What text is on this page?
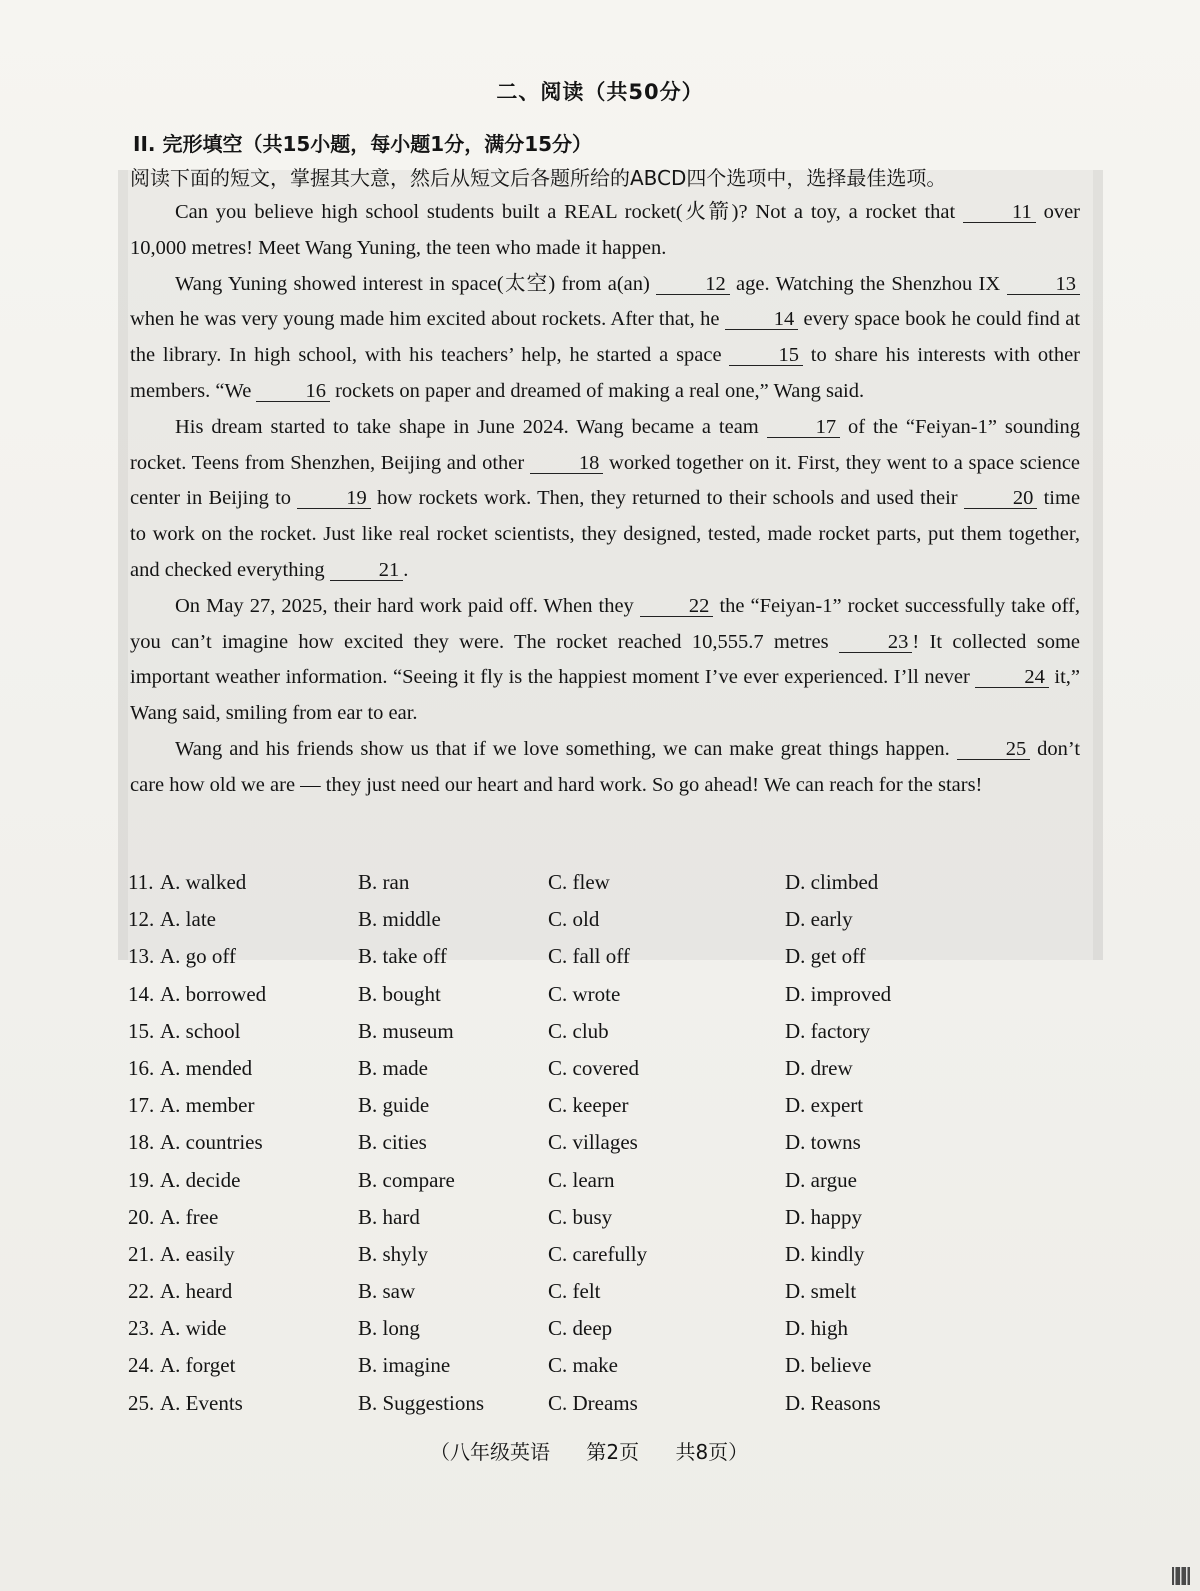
二、阅读（共50分）
II. 完形填空（共15小题，每小题1分，满分15分）
阅读下面的短文，掌握其大意，然后从短文后各题所给的ABCD四个选项中，选择最佳选项。

Can you believe high school students built a REAL rocket(火箭)? Not a toy, a rocket that	11 over 10,000 metres! Meet Wang Yuning, the teen who made it happen.

Wang Yuning showed interest in space(太空) from a(an)	12 age. Watching the Shenzhou IX	13 when he was very young made him excited about rockets. After that, he	14 every space book he could find at the library. In high school, with his teachers’ help, he started a space	15 to share his interests with other members. “We	16 rockets on paper and dreamed of making a real one,” Wang said.

His dream started to take shape in June 2024. Wang became a team	17 of the “Feiyan-1” sounding rocket. Teens from Shenzhen, Beijing and other	18 worked together on it. First, they went to a space science center in Beijing to	19 how rockets work. Then, they returned to their schools and used their	20 time to work on the rocket. Just like real rocket scientists, they designed, tested, made rocket parts, put them together, and checked everything	21 .

On May 27, 2025, their hard work paid off. When they	22 the “Feiyan-1” rocket successfully take off, you can’t imagine how excited they were. The rocket reached 10,555.7 metres	23 ! It collected some important weather information. “Seeing it fly is the happiest moment I’ve ever experienced. I’ll never	24 it,” Wang said, smiling from ear to ear.

Wang and his friends show us that if we love something, we can make great things happen.	25 don’t care how old we are — they just need our heart and hard work. So go ahead! We can reach for the stars!

11. A. walked	B. ran	C. flew	D. climbed
12. A. late	B. middle	C. old	D. early
13. A. go off	B. take off	C. fall off	D. get off
14. A. borrowed	B. bought	C. wrote	D. improved
15. A. school	B. museum	C. club	D. factory
16. A. mended	B. made	C. covered	D. drew
17. A. member	B. guide	C. keeper	D. expert
18. A. countries	B. cities	C. villages	D. towns
19. A. decide	B. compare	C. learn	D. argue
20. A. free	B. hard	C. busy	D. happy
21. A. easily	B. shyly	C. carefully	D. kindly
22. A. heard	B. saw	C. felt	D. smelt
23. A. wide	B. long	C. deep	D. high
24. A. forget	B. imagine	C. make	D. believe
25. A. Events	B. Suggestions	C. Dreams	D. Reasons
（八年级英语 第2页 共8页）
